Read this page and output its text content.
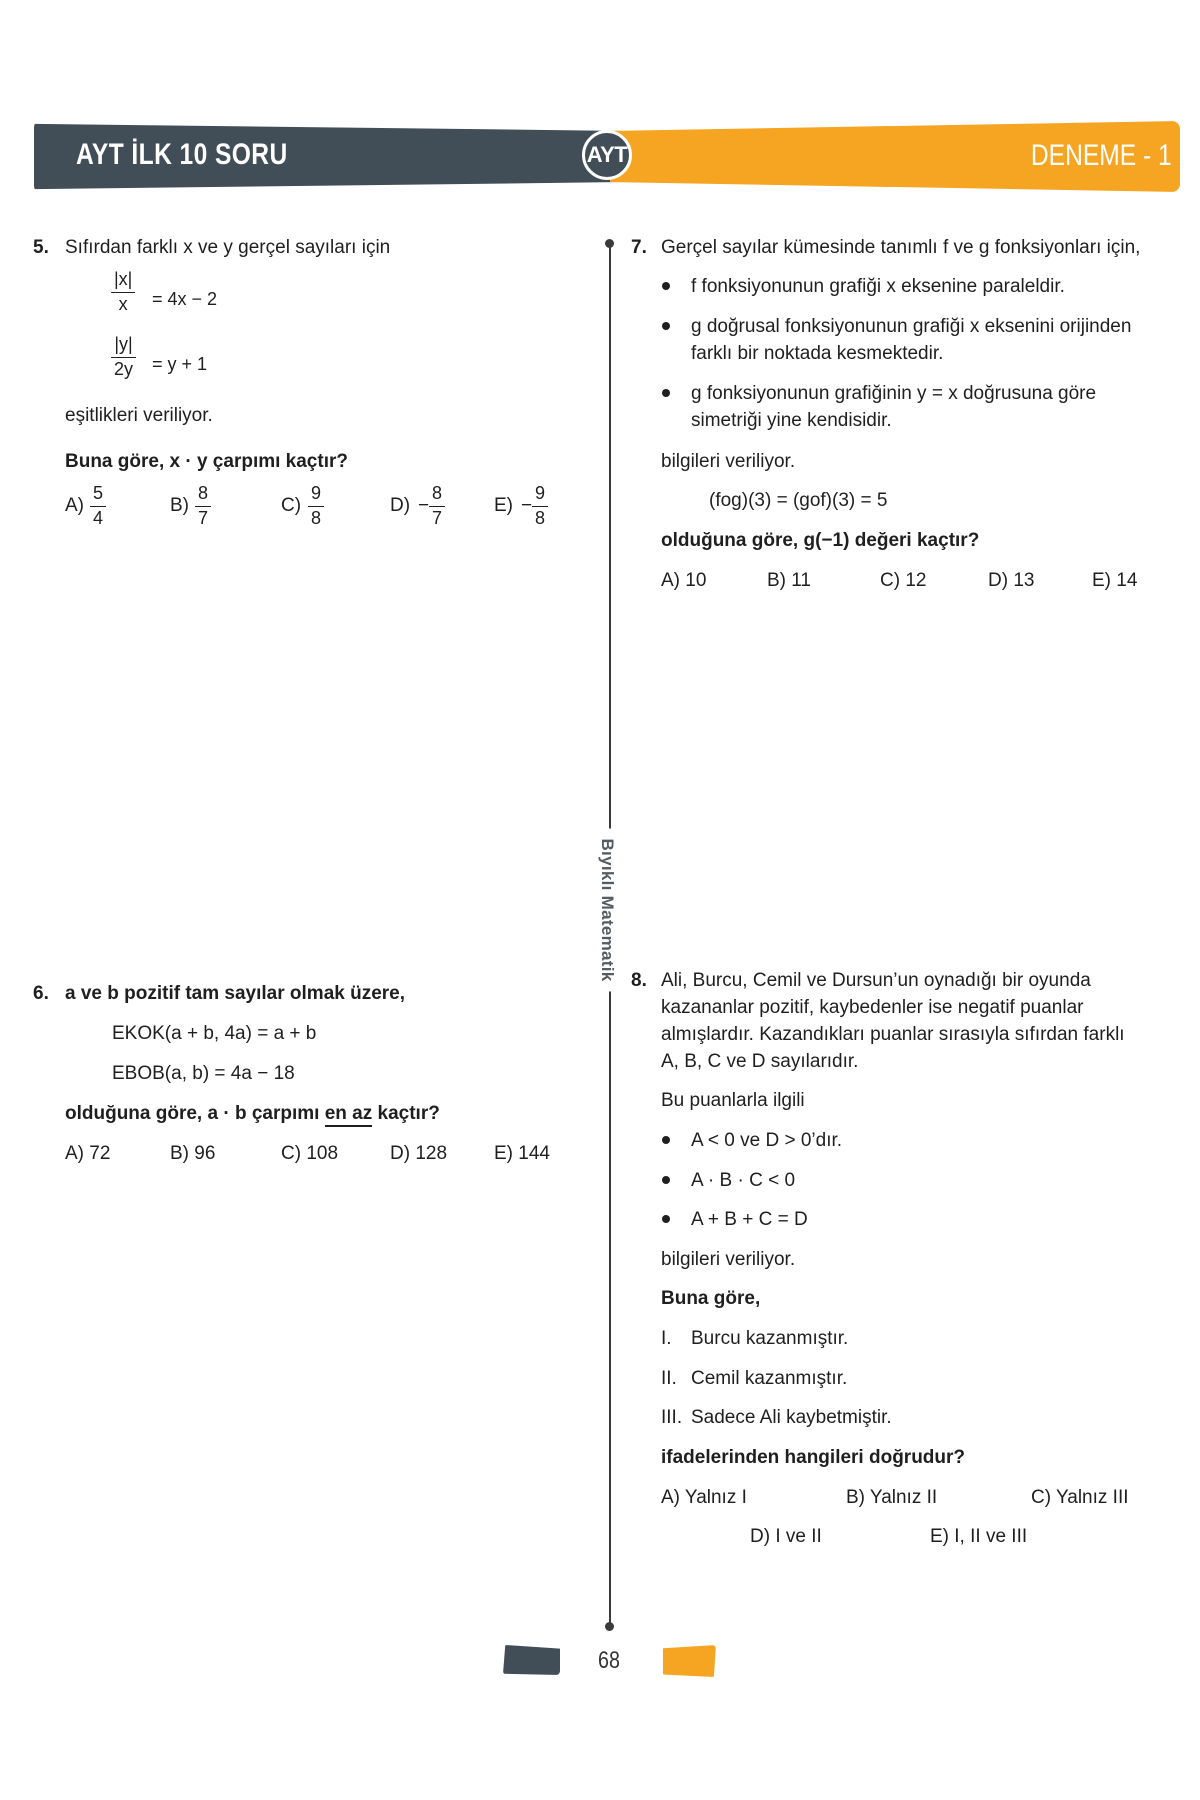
AYT İLK 10 SORU	AYT	DENEME - 1
Bıyıklı Matematik
5. Sıfırdan farklı x ve y gerçel sayıları için
|x|
x = 4x − 2
|y|
2y = y + 1
eşitlikleri veriliyor.
Buna göre, x · y çarpımı kaçtır?
A)
5
4
B)
8
7
C)
9
8
D) −
8
7
E) −
9
8
6. a ve b pozitif tam sayılar olmak üzere,
EKOK(a + b, 4a) = a + b
EBOB(a, b) = 4a − 18
olduğuna göre, a · b çarpımı en az kaçtır?
A) 72	B) 96	C) 108	D) 128 E) 144
7. Gerçel sayılar kümesinde tanımlı f ve g fonksiyonları için,
f fonksiyonunun grafiği x eksenine paraleldir.
g doğrusal fonksiyonunun grafiği x eksenini orijinden
farklı bir noktada kesmektedir.
g fonksiyonunun grafiğinin y = x doğrusuna göre
simetriği yine kendisidir.
bilgileri veriliyor.
(fog)(3) = (gof)(3) = 5
olduğuna göre, g(−1) değeri kaçtır?
A) 10	B) 11	C) 12	D) 13	E) 14
8. Ali, Burcu, Cemil ve Dursun’un oynadığı bir oyunda
kazananlar pozitif, kaybedenler ise negatif puanlar
almışlardır. Kazandıkları puanlar sırasıyla sıfırdan farklı
A, B, C ve D sayılarıdır.
Bu puanlarla ilgili
A < 0 ve D > 0’dır.
A · B · C < 0
A + B + C = D
bilgileri veriliyor.
Buna göre,
I. Burcu kazanmıştır.
II. Cemil kazanmıştır.
III. Sadece Ali kaybetmiştir.
ifadelerinden hangileri doğrudur?
A) Yalnız I	B) Yalnız II	C) Yalnız III
D) I ve II	E) I, II ve III
68
